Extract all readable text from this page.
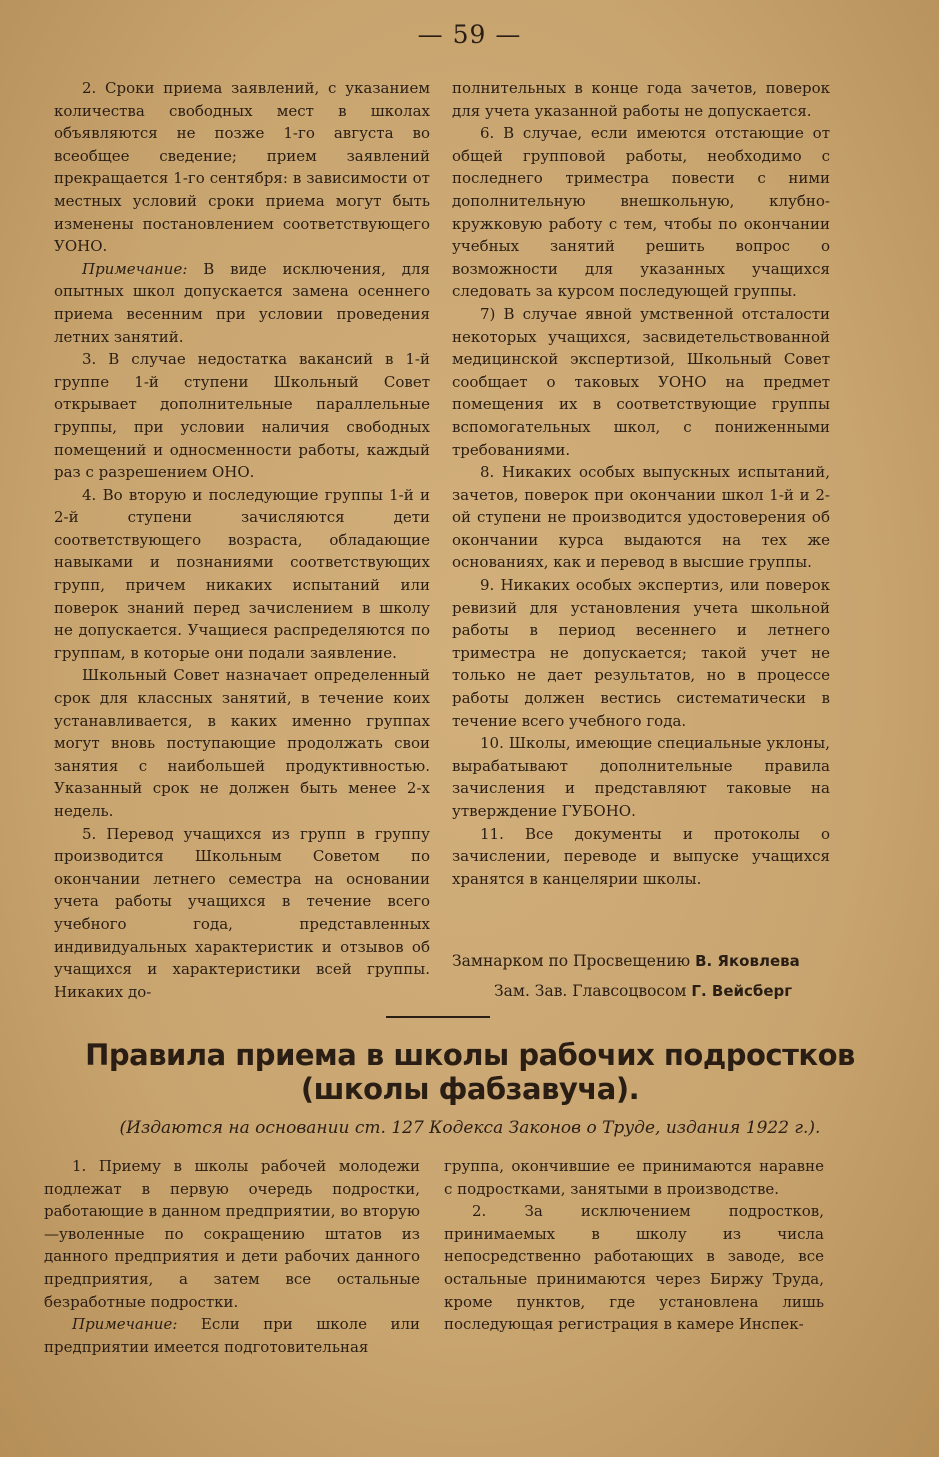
— 59 —

2. Сроки приема заявлений, с указанием количества свободных мест в школах объявляются не позже 1-го августа во всеобщее сведение; прием заявлений прекращается 1-го сентября: в зависимости от местных условий сроки приема могут быть изменены постановлением соответствующего УОНО.

Примечание: В виде исключения, для опытных школ допускается замена осеннего приема весенним при условии проведения летних занятий.

3. В случае недостатка вакансий в 1-й группе 1-й ступени Школьный Совет открывает дополнительные параллельные группы, при условии наличия свободных помещений и односменности работы, каждый раз с разрешением ОНО.

4. Во вторую и последующие группы 1-й и 2-й ступени зачисляются дети соответствующего возраста, обладающие навыками и познаниями соответствующих групп, причем никаких испытаний или поверок знаний перед зачислением в школу не допускается. Учащиеся распределяются по группам, в которые они подали заявление.

Школьный Совет назначает определенный срок для классных занятий, в течение коих устанавливается, в каких именно группах могут вновь поступающие продолжать свои занятия с наибольшей продуктивностью. Указанный срок не должен быть менее 2-х недель.

5. Перевод учащихся из групп в группу производится Школьным Советом по окончании летнего семестра на основании учета работы учащихся в течение всего учебного года, представленных индивидуальных характеристик и отзывов об учащихся и характеристики всей группы. Никаких до-

полнительных в конце года зачетов, поверок для учета указанной работы не допускается.

6. В случае, если имеются отстающие от общей групповой работы, необходимо с последнего триместра повести с ними дополнительную внешкольную, клубно-кружковую работу с тем, чтобы по окончании учебных занятий решить вопрос о возможности для указанных учащихся следовать за курсом последующей группы.

7) В случае явной умственной отсталости некоторых учащихся, засвидетельствованной медицинской экспертизой, Школьный Совет сообщает о таковых УОНО на предмет помещения их в соответствующие группы вспомогательных школ, с пониженными требованиями.

8. Никаких особых выпускных испытаний, зачетов, поверок при окончании школ 1-й и 2-ой ступени не производится удостоверения об окончании курса выдаются на тех же основаниях, как и перевод в высшие группы.

9. Никаких особых экспертиз, или поверок ревизий для установления учета школьной работы в период весеннего и летнего триместра не допускается; такой учет не только не дает результатов, но в процессе работы должен вестись систематически в течение всего учебного года.

10. Школы, имеющие специальные уклоны, вырабатывают дополнительные правила зачисления и представляют таковые на утверждение ГУБОНО.

11. Все документы и протоколы о зачислении, переводе и выпуске учащихся хранятся в канцелярии школы.

Замнарком по Просвещению В. Яковлева
Зам. Зав. Главсоцвосом Г. Вейсберг
Правила приема в школы рабочих подростков (школы фабзавуча).
(Издаются на основании ст. 127 Кодекса Законов о Труде, издания 1922 г.).

1. Приему в школы рабочей молодежи подлежат в первую очередь подростки, работающие в данном предприятии, во вторую—уволенные по сокращению штатов из данного предприятия и дети рабочих данного предприятия, а затем все остальные безработные подростки.

Примечание: Если при школе или предприятии имеется подготовительная

группа, окончившие ее принимаются наравне с подростками, занятыми в производстве.

2. За исключением подростков, принимаемых в школу из числа непосредственно работающих в заводе, все остальные принимаются через Биржу Труда, кроме пунктов, где установлена лишь последующая регистрация в камере Инспек-
